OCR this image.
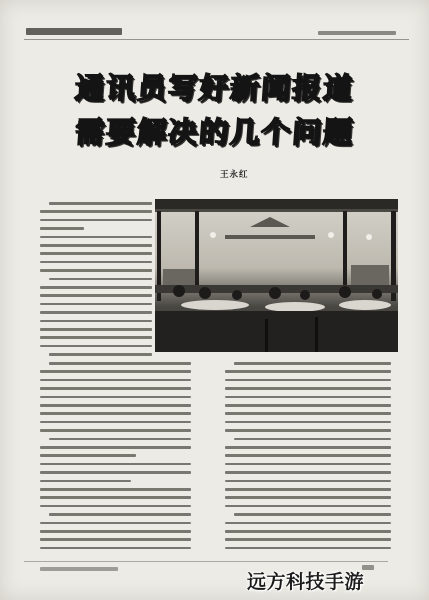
通讯员写好新闻报道
需要解决的几个问题
王永红
远方科技手游
